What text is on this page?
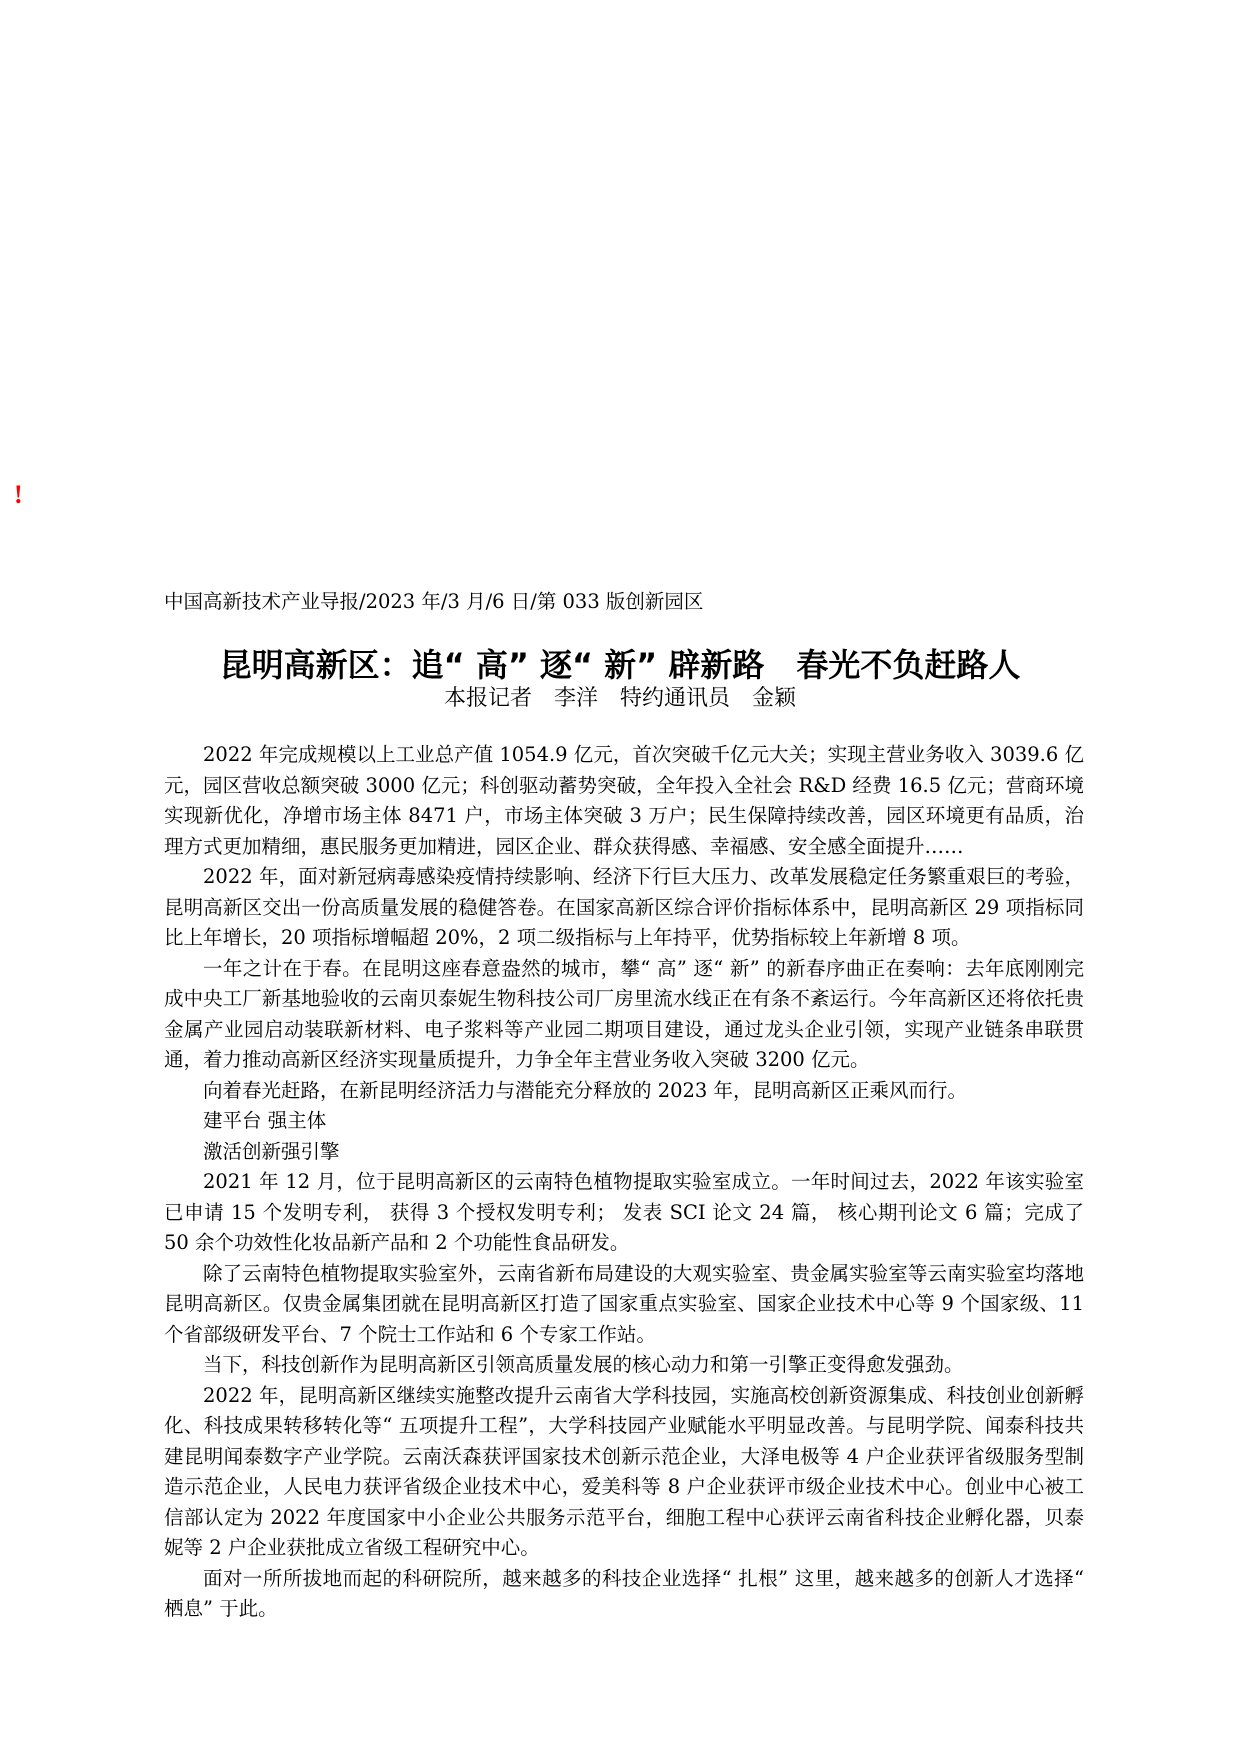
!
中国高新技术产业导报/2023 年/3 月/6 日/第 033 版创新园区
昆明高新区：追“ 高” 逐“ 新” 辟新路　春光不负赶路人
本报记者　李洋　特约通讯员　金颖

2022 年完成规模以上工业总产值 1054.9 亿元，首次突破千亿元大关；实现主营业务收入 3039.6 亿元，园区营收总额突破 3000 亿元；科创驱动蓄势突破，全年投入全社会 R&D 经费 16.5 亿元；营商环境实现新优化，净增市场主体 8471 户，市场主体突破 3 万户；民生保障持续改善，园区环境更有品质，治理方式更加精细，惠民服务更加精进，园区企业、群众获得感、幸福感、安全感全面提升……

2022 年，面对新冠病毒感染疫情持续影响、经济下行巨大压力、改革发展稳定任务繁重艰巨的考验，昆明高新区交出一份高质量发展的稳健答卷。在国家高新区综合评价指标体系中，昆明高新区 29 项指标同比上年增长，20 项指标增幅超 20%，2 项二级指标与上年持平，优势指标较上年新增 8 项。

一年之计在于春。在昆明这座春意盎然的城市，攀“ 高” 逐“ 新” 的新春序曲正在奏响：去年底刚刚完成中央工厂新基地验收的云南贝泰妮生物科技公司厂房里流水线正在有条不紊运行。今年高新区还将依托贵金属产业园启动装联新材料、电子浆料等产业园二期项目建设，通过龙头企业引领，实现产业链条串联贯通，着力推动高新区经济实现量质提升，力争全年主营业务收入突破 3200 亿元。

向着春光赶路，在新昆明经济活力与潜能充分释放的 2023 年，昆明高新区正乘风而行。

建平台 强主体

激活创新强引擎

2021 年 12 月，位于昆明高新区的云南特色植物提取实验室成立。一年时间过去，2022 年该实验室已申请 15 个发明专利， 获得 3 个授权发明专利； 发表 SCI 论文 24 篇， 核心期刊论文 6 篇；完成了 50 余个功效性化妆品新产品和 2 个功能性食品研发。

除了云南特色植物提取实验室外，云南省新布局建设的大观实验室、贵金属实验室等云南实验室均落地昆明高新区。仅贵金属集团就在昆明高新区打造了国家重点实验室、国家企业技术中心等 9 个国家级、11 个省部级研发平台、7 个院士工作站和 6 个专家工作站。

当下，科技创新作为昆明高新区引领高质量发展的核心动力和第一引擎正变得愈发强劲。

2022 年，昆明高新区继续实施整改提升云南省大学科技园，实施高校创新资源集成、科技创业创新孵化、科技成果转移转化等“ 五项提升工程”，大学科技园产业赋能水平明显改善。与昆明学院、闻泰科技共建昆明闻泰数字产业学院。云南沃森获评国家技术创新示范企业，大泽电极等 4 户企业获评省级服务型制造示范企业，人民电力获评省级企业技术中心，爱美科等 8 户企业获评市级企业技术中心。创业中心被工信部认定为 2022 年度国家中小企业公共服务示范平台，细胞工程中心获评云南省科技企业孵化器，贝泰妮等 2 户企业获批成立省级工程研究中心。

面对一所所拔地而起的科研院所，越来越多的科技企业选择“ 扎根” 这里，越来越多的创新人才选择“ 栖息” 于此。
